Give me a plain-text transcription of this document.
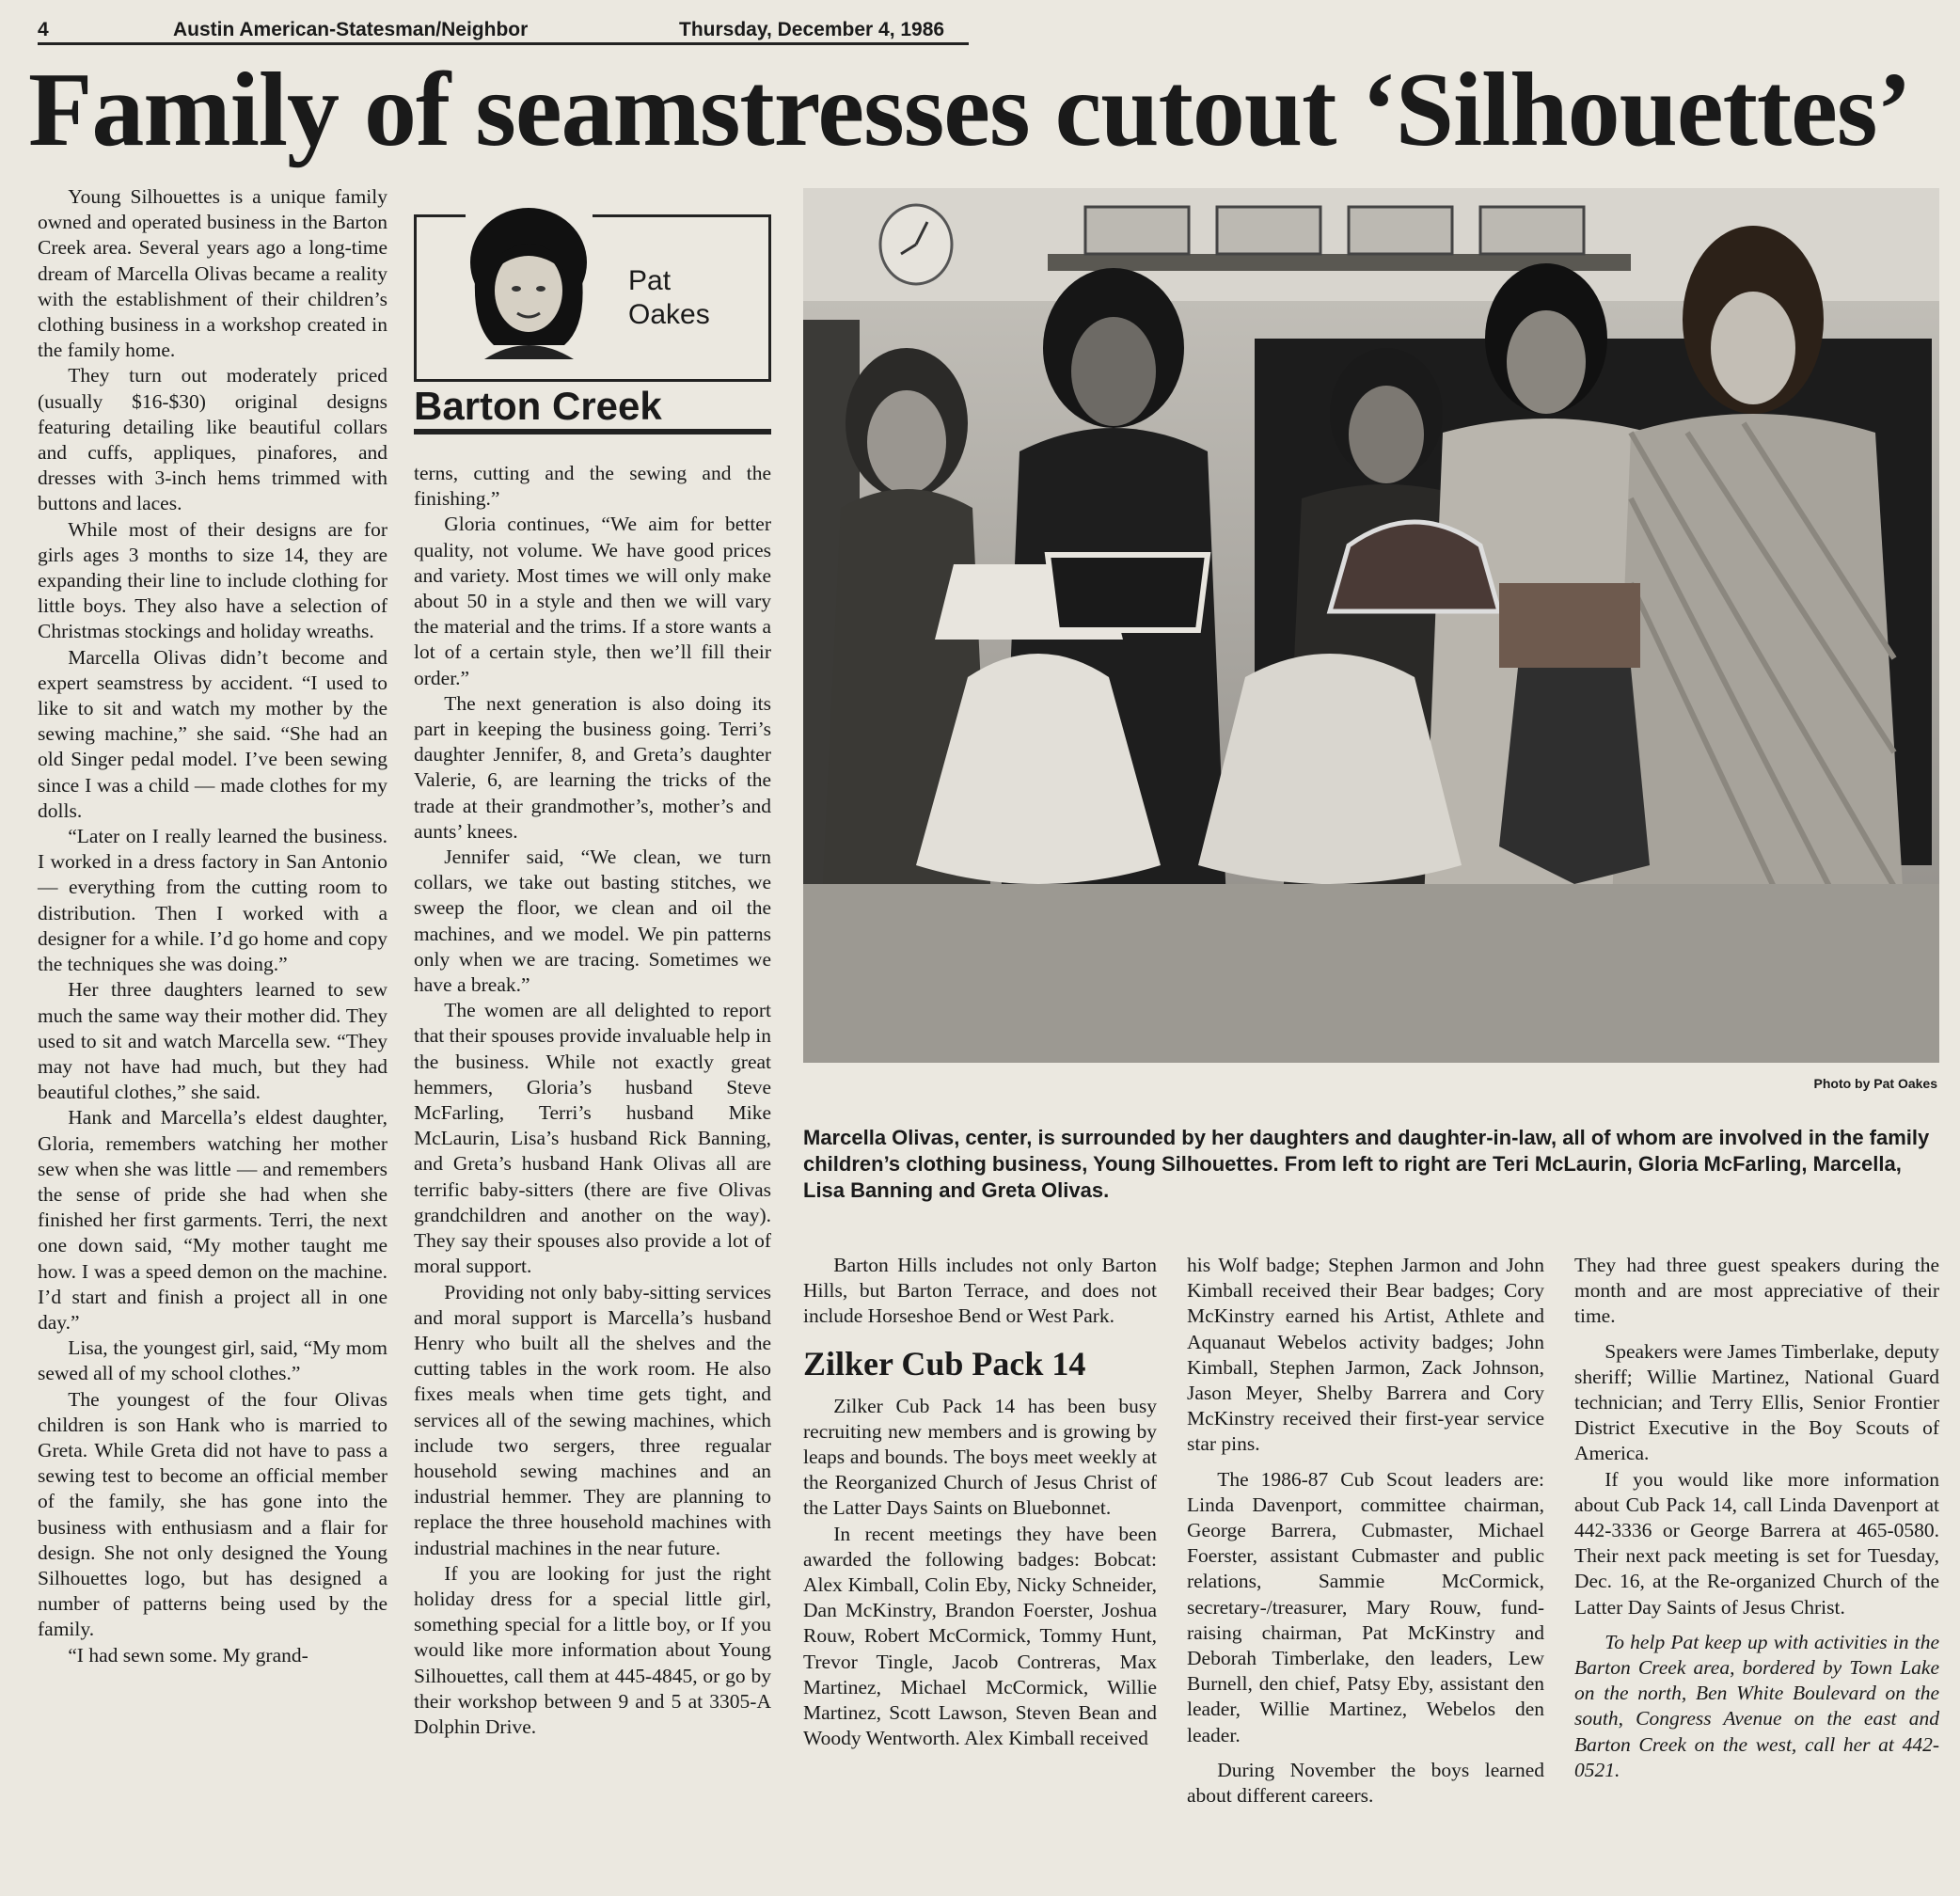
4	Austin American-Statesman/Neighbor	Thursday, December 4, 1986
Family of seamstresses cutout ‘Silhouettes’

Young Silhouettes is a unique family owned and operated business in the Barton Creek area. Several years ago a long-time dream of Marcella Olivas became a reality with the establishment of their children’s clothing business in a workshop created in the family home.

They turn out moderately priced (usually $16-$30) original designs featuring detailing like beautiful collars and cuffs, appliques, pinafores, and dresses with 3-inch hems trimmed with buttons and laces.

While most of their designs are for girls ages 3 months to size 14, they are expanding their line to include clothing for little boys. They also have a selection of Christmas stockings and holiday wreaths.

Marcella Olivas didn’t become and expert seamstress by accident. “I used to like to sit and watch my mother by the sewing machine,” she said. “She had an old Singer pedal model. I’ve been sewing since I was a child — made clothes for my dolls.

“Later on I really learned the business. I worked in a dress factory in San Antonio — everything from the cutting room to distribution. Then I worked with a designer for a while. I’d go home and copy the techniques she was doing.”

Her three daughters learned to sew much the same way their mother did. They used to sit and watch Marcella sew. “They may not have had much, but they had beautiful clothes,” she said.

Hank and Marcella’s eldest daughter, Gloria, remembers watching her mother sew when she was little — and remembers the sense of pride she had when she finished her first garments. Terri, the next one down said, “My mother taught me how. I was a speed demon on the machine. I’d start and finish a project all in one day.”

Lisa, the youngest girl, said, “My mom sewed all of my school clothes.”

The youngest of the four Olivas children is son Hank who is married to Greta. While Greta did not have to pass a sewing test to become an official member of the family, she has gone into the business with enthusiasm and a flair for design. She not only designed the Young Silhouettes logo, but has designed a number of patterns being used by the family.

“I had sewn some. My grand-

Pat
Oakes
Barton Creek

terns, cutting and the sewing and the finishing.”

Gloria continues, “We aim for better quality, not volume. We have good prices and variety. Most times we will only make about 50 in a style and then we will vary the material and the trims. If a store wants a lot of a certain style, then we’ll fill their order.”

The next generation is also doing its part in keeping the business going. Terri’s daughter Jennifer, 8, and Greta’s daughter Valerie, 6, are learning the tricks of the trade at their grandmother’s, mother’s and aunts’ knees.

Jennifer said, “We clean, we turn collars, we take out basting stitches, we sweep the floor, we clean and oil the machines, and we model. We pin patterns only when we are tracing. Sometimes we have a break.”

The women are all delighted to report that their spouses provide invaluable help in the business. While not exactly great hemmers, Gloria’s husband Steve McFarling, Terri’s husband Mike McLaurin, Lisa’s husband Rick Banning, and Greta’s husband Hank Olivas all are terrific baby-sitters (there are five Olivas grandchildren and another on the way). They say their spouses also provide a lot of moral support.

Providing not only baby-sitting services and moral support is Marcella’s husband Henry who built all the shelves and the cutting tables in the work room. He also fixes meals when time gets tight, and services all of the sewing machines, which include two sergers, three regualar household sewing machines and an industrial hemmer. They are planning to replace the three household machines with industrial machines in the near future.

If you are looking for just the right holiday dress for a special little girl, something special for a little boy, or If you would like more information about Young Silhouettes, call them at 445-4845, or go by their workshop between 9 and 5 at 3305-A Dolphin Drive.

Photo by Pat Oakes
Marcella Olivas, center, is surrounded by her daughters and daughter-in-law, all of whom are involved in the family children’s clothing business, Young Silhouettes. From left to right are Teri McLaurin, Gloria McFarling, Marcella, Lisa Banning and Greta Olivas.

Barton Hills includes not only Barton Hills, but Barton Terrace, and does not include Horseshoe Bend or West Park.

Zilker Cub Pack 14

Zilker Cub Pack 14 has been busy recruiting new members and is growing by leaps and bounds. The boys meet weekly at the Reorganized Church of Jesus Christ of the Latter Days Saints on Bluebonnet.

In recent meetings they have been awarded the following badges: Bobcat: Alex Kimball, Colin Eby, Nicky Schneider, Dan McKinstry, Brandon Foerster, Joshua Rouw, Robert McCormick, Tommy Hunt, Trevor Tingle, Jacob Contreras, Max Martinez, Michael McCormick, Willie Martinez, Scott Lawson, Steven Bean and Woody Wentworth. Alex Kimball received

his Wolf badge; Stephen Jarmon and John Kimball received their Bear badges; Cory McKinstry earned his Artist, Athlete and Aquanaut Webelos activity badges; John Kimball, Stephen Jarmon, Zack Johnson, Jason Meyer, Shelby Barrera and Cory McKinstry received their first-year service star pins.

The 1986-87 Cub Scout leaders are: Linda Davenport, committee chairman, George Barrera, Cubmaster, Michael Foerster, assistant Cubmaster and public relations, Sammie McCormick, secretary-/treasurer, Mary Rouw, fund-raising chairman, Pat McKinstry and Deborah Timberlake, den leaders, Lew Burnell, den chief, Patsy Eby, assistant den leader, Willie Martinez, Webelos den leader.

During November the boys learned about different careers.

They had three guest speakers during the month and are most appreciative of their time.

Speakers were James Timberlake, deputy sheriff; Willie Martinez, National Guard technician; and Terry Ellis, Senior Frontier District Executive in the Boy Scouts of America.

If you would like more information about Cub Pack 14, call Linda Davenport at 442-3336 or George Barrera at 465-0580. Their next pack meeting is set for Tuesday, Dec. 16, at the Re-organized Church of the Latter Day Saints of Jesus Christ.

To help Pat keep up with activities in the Barton Creek area, bordered by Town Lake on the north, Ben White Boulevard on the south, Congress Avenue on the east and Barton Creek on the west, call her at 442-0521.
